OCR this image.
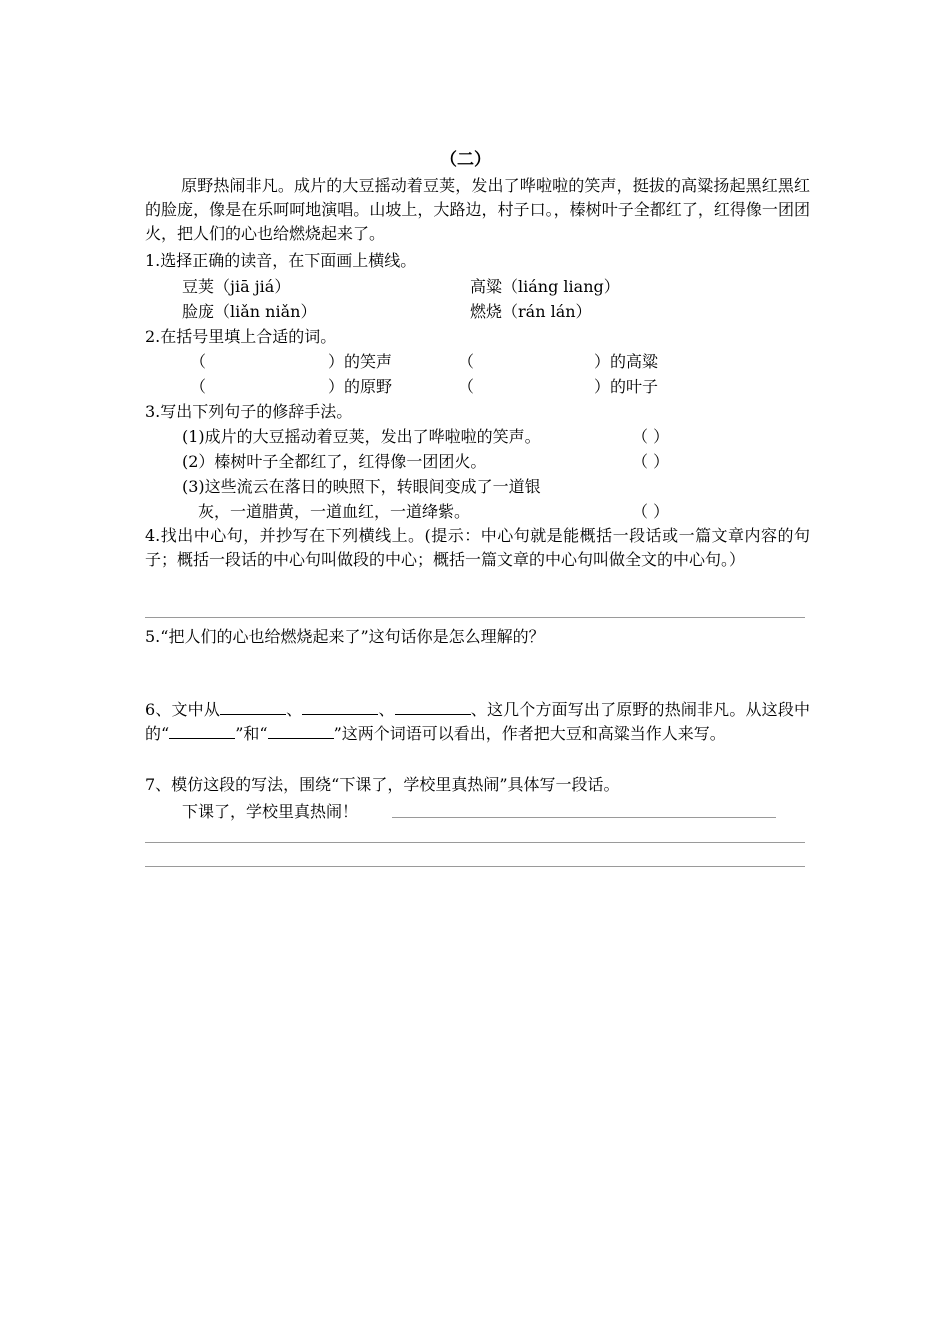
（二）
原野热闹非凡。成片的大豆摇动着豆荚，发出了哗啦啦的笑声，挺拔的高粱扬起黑红黑红的脸庞，像是在乐呵呵地演唱。山坡上，大路边，村子口。，榛树叶子全都红了，红得像一团团火，把人们的心也给燃烧起来了。
1.选择正确的读音，在下面画上横线。
豆荚（jiā jiá）	高粱（liáng liang）
脸庞（liǎn niǎn）	燃烧（rán lán）
2.在括号里填上合适的词。
（	）的笑声	（	）的高粱
（	）的原野	（	）的叶子
3.写出下列句子的修辞手法。
(1)成片的大豆摇动着豆荚，发出了哗啦啦的笑声。	（ ）
(2）榛树叶子全都红了，红得像一团团火。	（ ）
(3)这些流云在落日的映照下，转眼间变成了一道银
灰，一道腊黄，一道血红，一道绛紫。	（ ）
4.找出中心句，并抄写在下列横线上。(提示：中心句就是能概括一段话或一篇文章内容的句子；概括一段话的中心句叫做段的中心；概括一篇文章的中心句叫做全文的中心句。）
5.“把人们的心也给燃烧起来了”这句话你是怎么理解的？
6、文中从	、	、	、这几个方面写出了原野的热闹非凡。从这段中的“	”和“	”这两个词语可以看出，作者把大豆和高粱当作人来写。
7、模仿这段的写法，围绕“下课了，学校里真热闹”具体写一段话。
下课了，学校里真热闹！
